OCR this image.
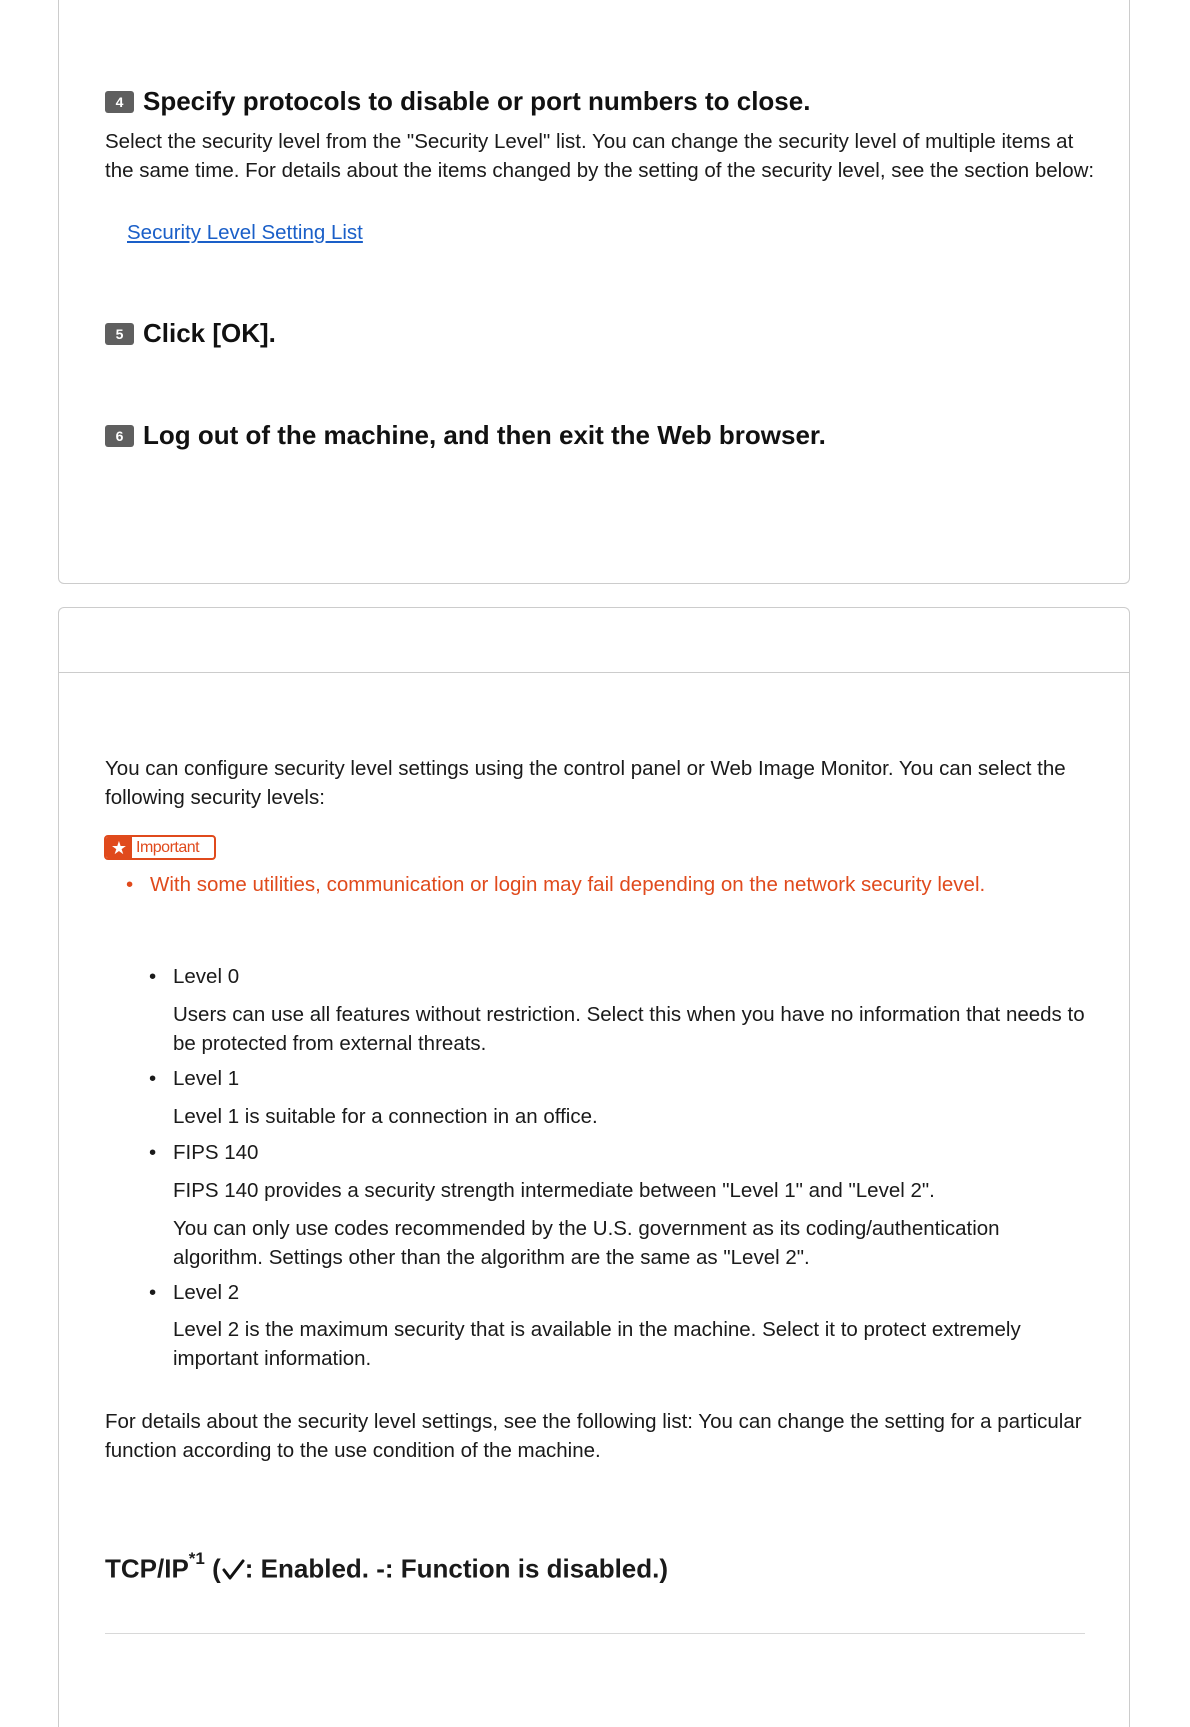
4 Specify protocols to disable or port numbers to close.

Select the security level from the "Security Level" list. You can change the security level of multiple items at the same time. For details about the items changed by the setting of the security level, see the section below:

Security Level Setting List
5 Click [OK].
6 Log out of the machine, and then exit the Web browser.

You can configure security level settings using the control panel or Web Image Monitor. You can select the following security levels:

★ Important

• With some utilities, communication or login may fail depending on the network security level.

• Level 0

Users can use all features without restriction. Select this when you have no information that needs to be protected from external threats.

• Level 1

Level 1 is suitable for a connection in an office.

• FIPS 140

FIPS 140 provides a security strength intermediate between "Level 1" and "Level 2".

You can only use codes recommended by the U.S. government as its coding/authentication algorithm. Settings other than the algorithm are the same as "Level 2".

• Level 2

Level 2 is the maximum security that is available in the machine. Select it to protect extremely important information.

For details about the security level settings, see the following list: You can change the setting for a particular function according to the use condition of the machine.

TCP/IP$^{*1}$ ( : Enabled. -: Function is disabled.)
